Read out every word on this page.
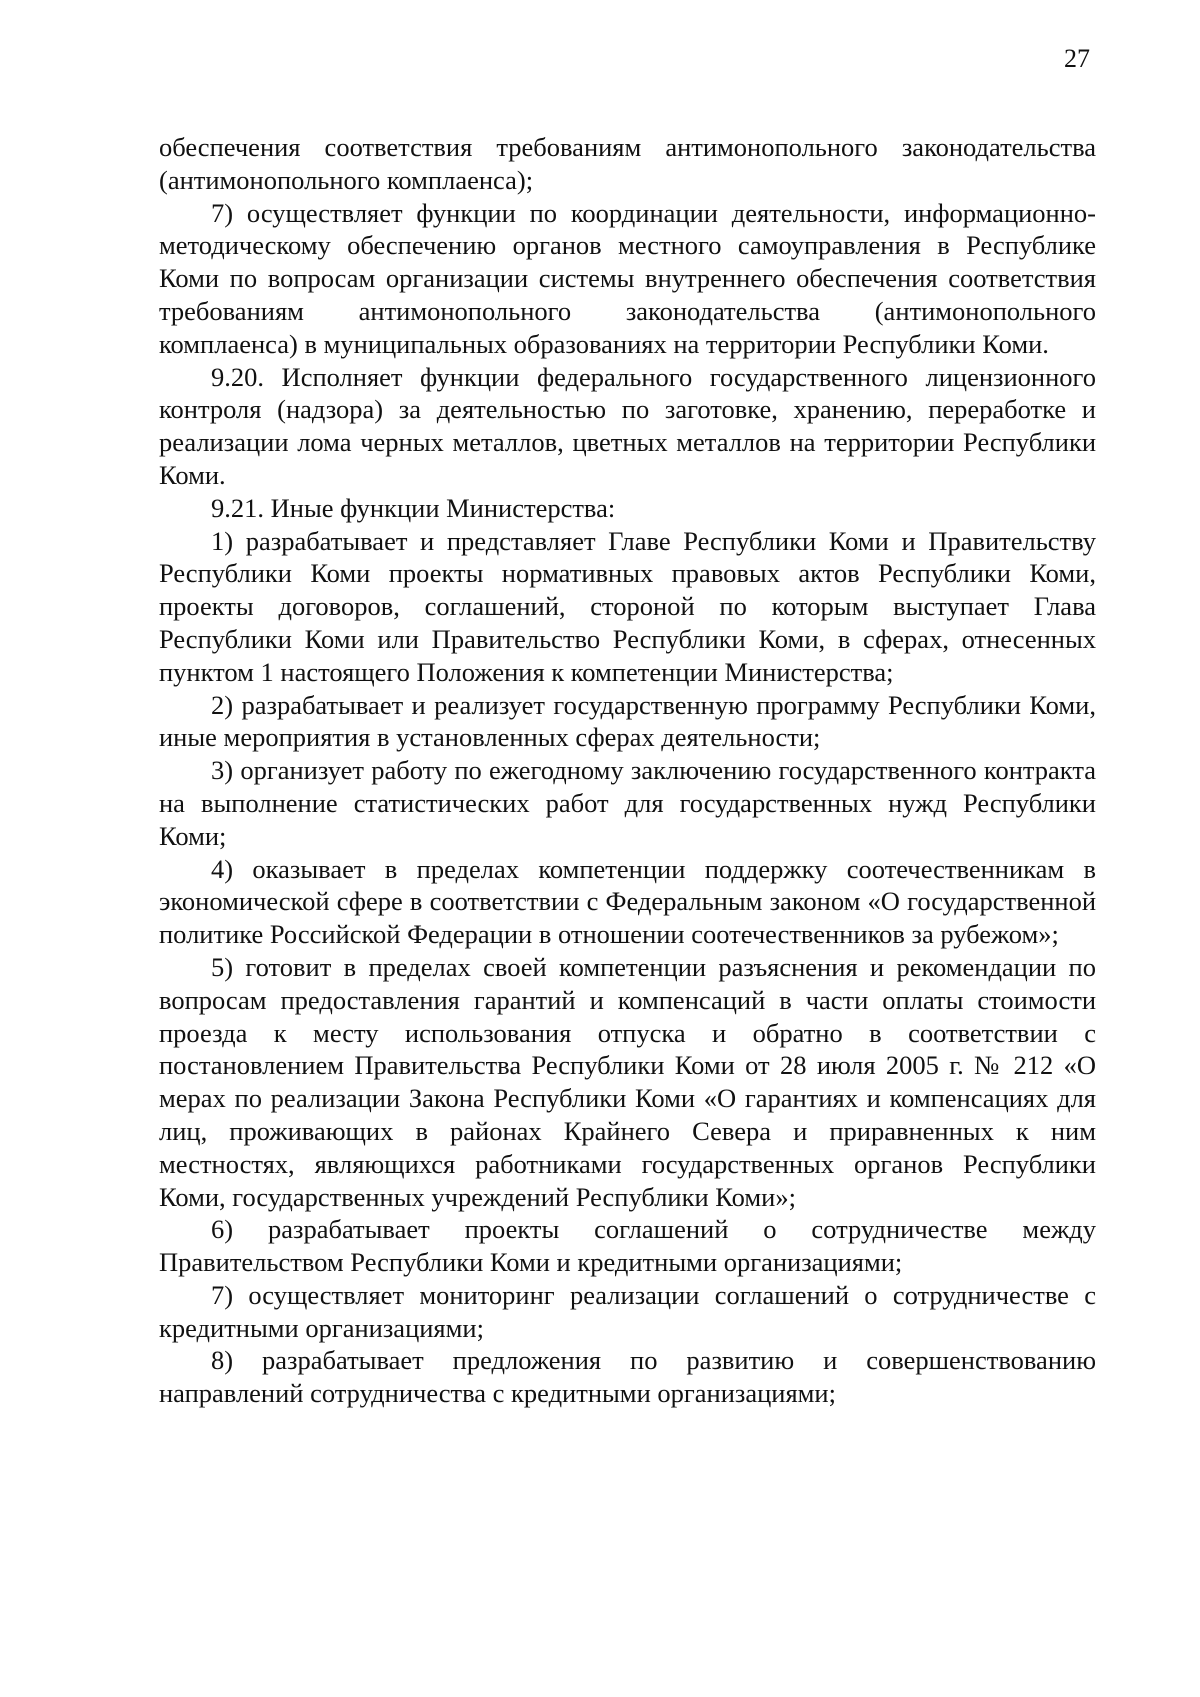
27

обеспечения соответствия требованиям антимонопольного законодательства (антимонопольного комплаенса);

7) осуществляет функции по координации деятельности, информационно-методическому обеспечению органов местного самоуправления в Республике Коми по вопросам организации системы внутреннего обеспечения соответствия требованиям антимонопольного законодательства (антимонопольного комплаенса) в муниципальных образованиях на территории Республики Коми.

9.20. Исполняет функции федерального государственного лицензионного контроля (надзора) за деятельностью по заготовке, хранению, переработке и реализации лома черных металлов, цветных металлов на территории Республики Коми.

9.21. Иные функции Министерства:

1) разрабатывает и представляет Главе Республики Коми и Правительству Республики Коми проекты нормативных правовых актов Республики Коми, проекты договоров, соглашений, стороной по которым выступает Глава Республики Коми или Правительство Республики Коми, в сферах, отнесенных пунктом 1 настоящего Положения к компетенции Министерства;

2) разрабатывает и реализует государственную программу Республики Коми, иные мероприятия в установленных сферах деятельности;

3) организует работу по ежегодному заключению государственного контракта на выполнение статистических работ для государственных нужд Республики Коми;

4) оказывает в пределах компетенции поддержку соотечественникам в экономической сфере в соответствии с Федеральным законом «О государственной политике Российской Федерации в отношении соотечественников за рубежом»;

5) готовит в пределах своей компетенции разъяснения и рекомендации по вопросам предоставления гарантий и компенсаций в части оплаты стоимости проезда к месту использования отпуска и обратно в соответствии с постановлением Правительства Республики Коми от 28 июля 2005 г. № 212 «О мерах по реализации Закона Республики Коми «О гарантиях и компенсациях для лиц, проживающих в районах Крайнего Севера и приравненных к ним местностях, являющихся работниками государственных органов Республики Коми, государственных учреждений Республики Коми»;

6) разрабатывает проекты соглашений о сотрудничестве между Правительством Республики Коми и кредитными организациями;

7) осуществляет мониторинг реализации соглашений о сотрудничестве с кредитными организациями;

8) разрабатывает предложения по развитию и совершенствованию направлений сотрудничества с кредитными организациями;
